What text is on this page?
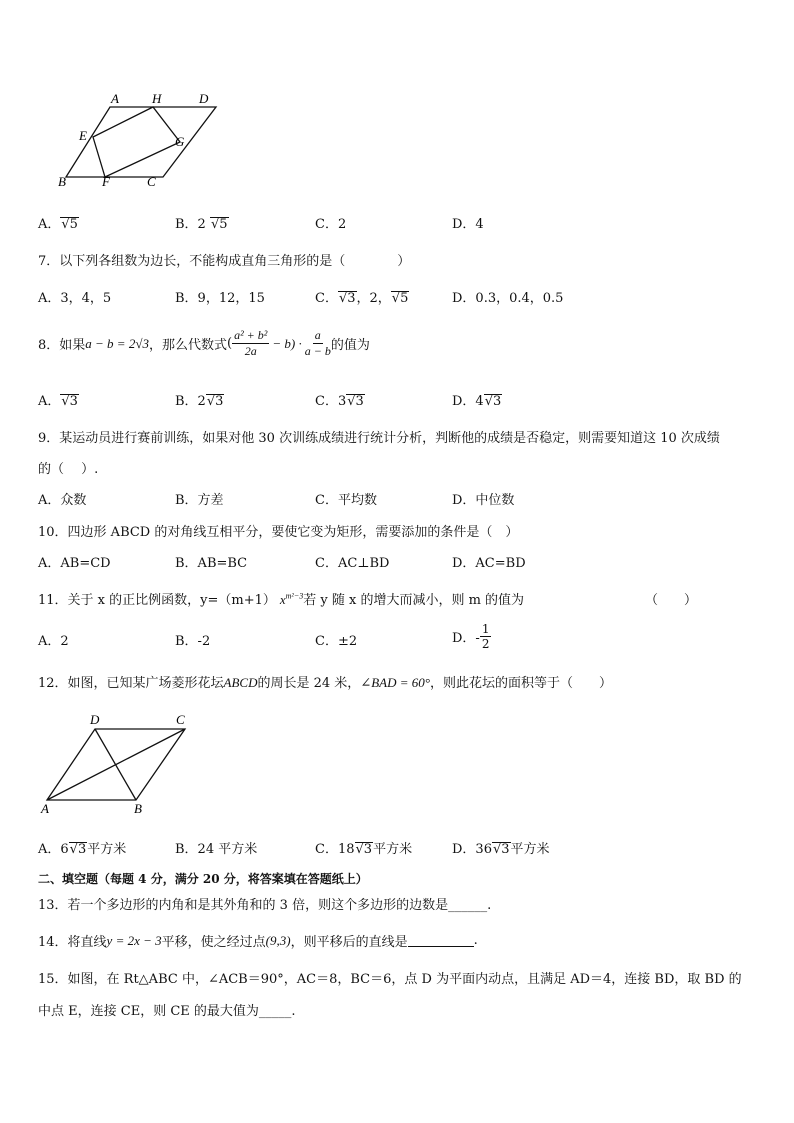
A	H	D
E	G
B	F	C
A．√5	B．2 √5	C．2	D．4
7．以下列各组数为边长，不能构成直角三角形的是（　　　　）
A．3，4，5	B．9，12，15	C．√3，2，√5	D．0.3，0.4，0.5
8．如果 a − b = 2√3 ，那么代数式 ( $\frac{\text{a² + b²}}{2a} - b) \cdot \frac{a}{a - b}$ 的值为
A．√3	B．2√3	C．3√3	D．4√3
9．某运动员进行赛前训练，如果对他 30 次训练成绩进行统计分析，判断他的成绩是否稳定，则需要知道这 10 次成绩
的（　 ）.
A．众数	B．方差	C．平均数	D．中位数
10．四边形 ABCD 的对角线互相平分，要使它变为矩形，需要添加的条件是（　）
A．AB=CD	B．AB=BC	C．AC⊥BD	D．AC=BD
11．关于 x 的正比例函数，y=（m+1） $x^{m^2-3}$若 y 随 x 的增大而减小，则 m 的值为	（　　）
A．2	B．-2	C．±2	D．- $\frac{1}{2}$
12．如图，已知某广场菱形花坛ABCD的周长是 24 米，∠BAD = 60°，则此花坛的面积等于（　　）
D	C
A	B
A．6√3平方米	B．24 平方米	C．18√3平方米	D．36√3平方米
二、填空题（每题 4 分，满分 20 分，将答案填在答题纸上）
13．若一个多边形的内角和是其外角和的 3 倍，则这个多边形的边数是______.
14．将直线 y = 2x − 3 平移，使之经过点 (9,3) ，则平移后的直线是	.
15．如图，在 Rt△ABC 中，∠ACB＝90°，AC＝8，BC＝6，点 D 为平面内动点，且满足 AD＝4，连接 BD，取 BD 的
中点 E，连接 CE，则 CE 的最大值为_____.
